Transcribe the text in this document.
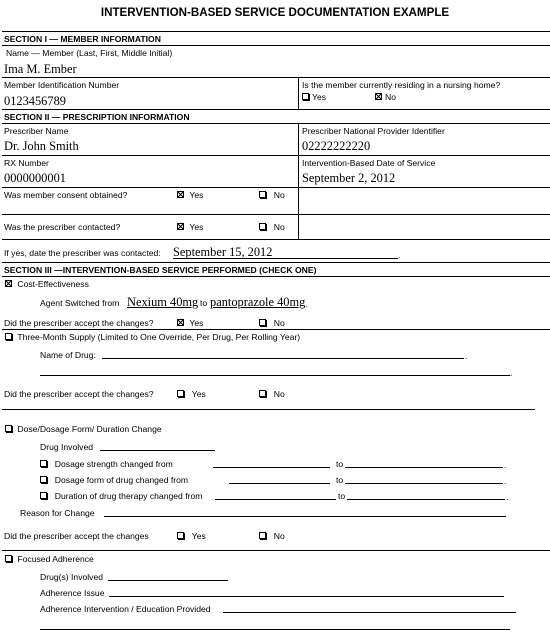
INTERVENTION-BASED SERVICE DOCUMENTATION EXAMPLE
SECTION I — MEMBER INFORMATION
Name — Member (Last, First, Middle Initial)
Ima M. Ember
Member Identification Number
0123456789
Is the member currently residing in a nursing home?
Yes	No
SECTION II — PRESCRIPTION INFORMATION
Prescriber Name
Dr. John Smith
Prescriber National Provider Identifier
02222222220
RX Number
0000000001
Intervention-Based Date of Service
September 2, 2012
Was member consent obtained?	Yes	No
Was the prescriber contacted?	Yes	No
If yes, date the prescriber was contacted: September 15, 2012	.
SECTION III —INTERVENTION-BASED SERVICE PERFORMED (CHECK ONE)
Cost-Effectiveness
Agent Switched from Nexium 40mg to pantoprazole 40mg .
Did the prescriber accept the changes?	Yes	No
Three-Month Supply (Limited to One Override, Per Drug, Per Rolling Year)
Name of Drug:	.
.
Did the prescriber accept the changes?	Yes	No
Dose/Dosage Form/ Duration Change
Drug Involved
Dosage strength changed from	to	.
Dosage form of drug changed from	to	.
Duration of drug therapy changed from	to	.
Reason for Change
Did the prescriber accept the changes	Yes	No
Focused Adherence
Drug(s) Involved
Adherence Issue
Adherence Intervention / Education Provided
